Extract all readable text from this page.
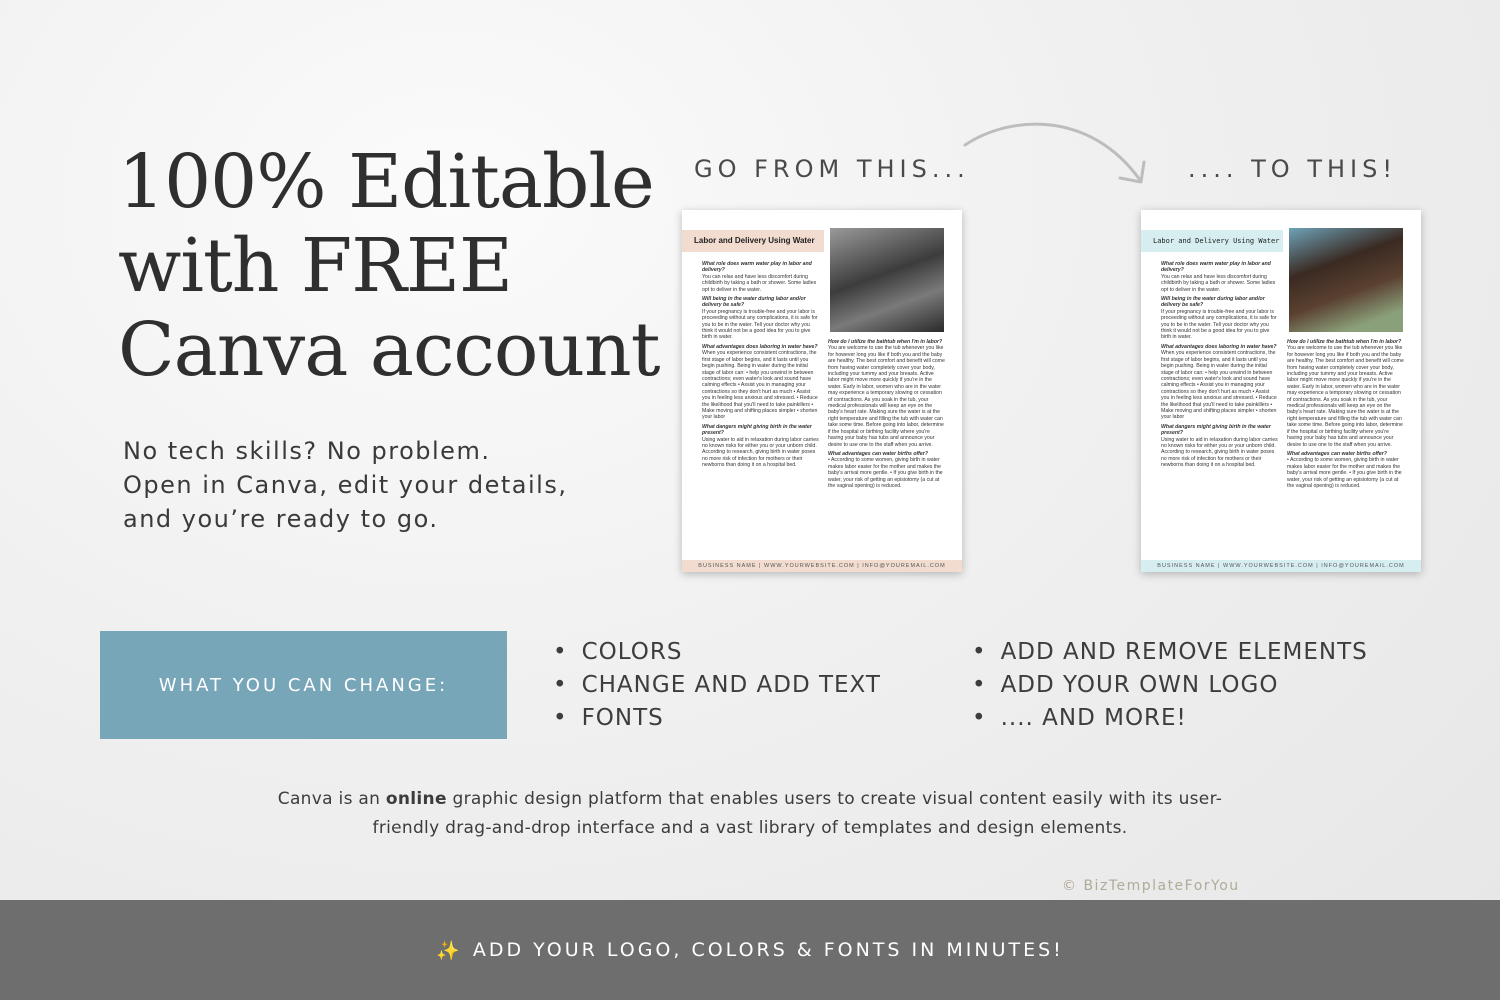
100% Editable
with FREE
Canva account
No tech skills? No problem.
Open in Canva, edit your details,
and you’re ready to go.
GO FROM THIS...	.... TO THIS!
Labor and Delivery Using Water
What role does warm water play in labor and delivery?
You can relax and have less discomfort during childbirth by taking a bath or shower. Some ladies opt to deliver in the water.
Will being in the water during labor and/or delivery be safe?
If your pregnancy is trouble-free and your labor is proceeding without any complications, it is safe for you to be in the water. Tell your doctor why you think it would not be a good idea for you to give birth in water.
What advantages does laboring in water have?
When you experience consistent contractions, the first stage of labor begins, and it lasts until you begin pushing. Being in water during the initial stage of labor can: • help you unwind in between contractions; even water's look and sound have calming effects • Assist you in managing your contractions so they don't hurt as much • Assist you in feeling less anxious and stressed. • Reduce the likelihood that you'll need to take painkillers • Make moving and shifting places simpler • shorten your labor
What dangers might giving birth in the water present?
Using water to aid in relaxation during labor carries no known risks for either you or your unborn child. According to research, giving birth in water poses no more risk of infection for mothers or their newborns than doing it on a hospital bed.
How do I utilize the bathtub when I'm in labor?
You are welcome to use the tub whenever you like for however long you like if both you and the baby are healthy. The best comfort and benefit will come from having water completely cover your body, including your tummy and your breasts. Active labor might move more quickly if you're in the water. Early in labor, women who are in the water may experience a temporary slowing or cessation of contractions. As you soak in the tub, your medical professionals will keep an eye on the baby's heart rate. Making sure the water is at the right temperature and filling the tub with water can take some time. Before going into labor, determine if the hospital or birthing facility where you're having your baby has tubs and announce your desire to use one to the staff when you arrive.
What advantages can water births offer?
• According to some women, giving birth in water makes labor easier for the mother and makes the baby's arrival more gentle. • If you give birth in the water, your risk of getting an episiotomy (a cut at the vaginal opening) is reduced.
BUSINESS NAME | WWW.YOURWEBSITE.COM | INFO@YOUREMAIL.COM
Labor and Delivery Using Water
What role does warm water play in labor and delivery?
You can relax and have less discomfort during childbirth by taking a bath or shower. Some ladies opt to deliver in the water.
Will being in the water during labor and/or delivery be safe?
If your pregnancy is trouble-free and your labor is proceeding without any complications, it is safe for you to be in the water. Tell your doctor why you think it would not be a good idea for you to give birth in water.
What advantages does laboring in water have?
When you experience consistent contractions, the first stage of labor begins, and it lasts until you begin pushing. Being in water during the initial stage of labor can: • help you unwind in between contractions; even water's look and sound have calming effects • Assist you in managing your contractions so they don't hurt as much • Assist you in feeling less anxious and stressed. • Reduce the likelihood that you'll need to take painkillers • Make moving and shifting places simpler • shorten your labor
What dangers might giving birth in the water present?
Using water to aid in relaxation during labor carries no known risks for either you or your unborn child. According to research, giving birth in water poses no more risk of infection for mothers or their newborns than doing it on a hospital bed.
How do I utilize the bathtub when I'm in labor?
You are welcome to use the tub whenever you like for however long you like if both you and the baby are healthy. The best comfort and benefit will come from having water completely cover your body, including your tummy and your breasts. Active labor might move more quickly if you're in the water. Early in labor, women who are in the water may experience a temporary slowing or cessation of contractions. As you soak in the tub, your medical professionals will keep an eye on the baby's heart rate. Making sure the water is at the right temperature and filling the tub with water can take some time. Before going into labor, determine if the hospital or birthing facility where you're having your baby has tubs and announce your desire to use one to the staff when you arrive.
What advantages can water births offer?
• According to some women, giving birth in water makes labor easier for the mother and makes the baby's arrival more gentle. • If you give birth in the water, your risk of getting an episiotomy (a cut at the vaginal opening) is reduced.
BUSINESS NAME | WWW.YOURWEBSITE.COM | INFO@YOUREMAIL.COM
WHAT YOU CAN CHANGE:
• COLORS
• CHANGE AND ADD TEXT
• FONTS
• ADD AND REMOVE ELEMENTS
• ADD YOUR OWN LOGO
• .... AND MORE!
Canva is an online graphic design platform that enables users to create visual content easily with its user-friendly drag-and-drop interface and a vast library of templates and design elements.
© BizTemplateForYou
✨ ADD YOUR LOGO, COLORS & FONTS IN MINUTES!
